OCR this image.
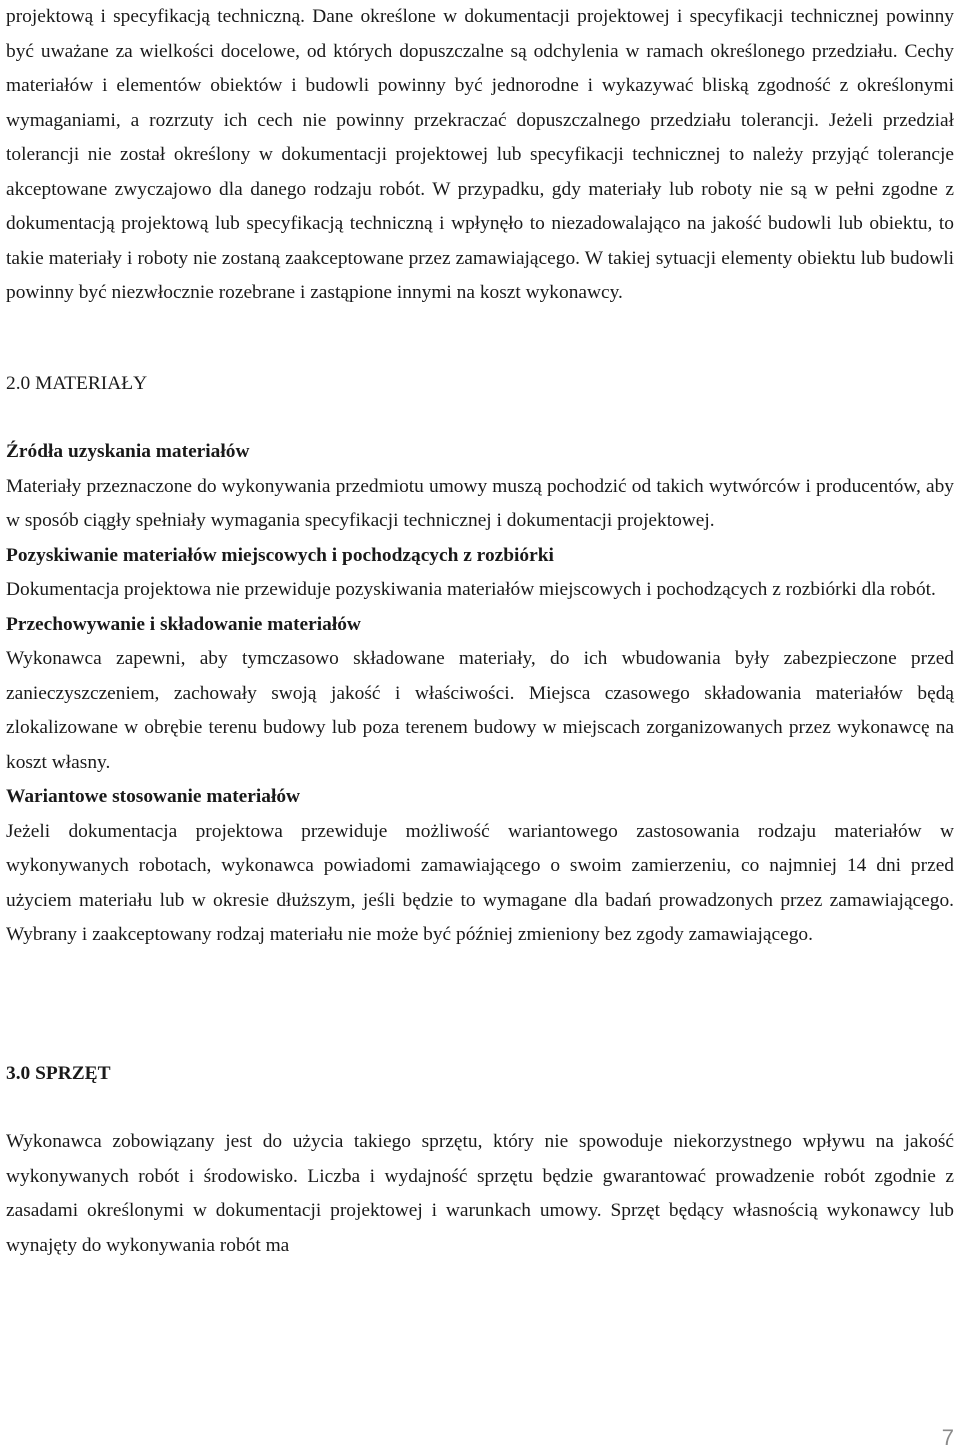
projektową i specyfikacją techniczną. Dane określone w dokumentacji projektowej i specyfikacji technicznej powinny być uważane za wielkości docelowe, od których dopuszczalne są odchylenia w ramach określonego przedziału. Cechy materiałów i elementów obiektów i budowli powinny być jednorodne i wykazywać bliską zgodność z określonymi wymaganiami, a rozrzuty ich cech nie powinny przekraczać dopuszczalnego przedziału tolerancji. Jeżeli przedział tolerancji nie został określony w dokumentacji projektowej lub specyfikacji technicznej to należy przyjąć tolerancje akceptowane zwyczajowo dla danego rodzaju robót. W przypadku, gdy materiały lub roboty nie są w pełni zgodne z dokumentacją projektową lub specyfikacją techniczną i wpłynęło to niezadowalająco na jakość budowli lub obiektu, to takie materiały i roboty nie zostaną zaakceptowane przez zamawiającego. W takiej sytuacji elementy obiektu lub budowli powinny być niezwłocznie rozebrane i zastąpione innymi na koszt wykonawcy.

2.0 MATERIAŁY

Źródła uzyskania materiałów

Materiały przeznaczone do wykonywania przedmiotu umowy muszą pochodzić od takich wytwórców i producentów, aby w sposób ciągły spełniały wymagania specyfikacji technicznej i dokumentacji projektowej.

Pozyskiwanie materiałów miejscowych i pochodzących z rozbiórki

Dokumentacja projektowa nie przewiduje pozyskiwania materiałów miejscowych i pochodzących z rozbiórki dla robót.

Przechowywanie i składowanie materiałów

Wykonawca zapewni, aby tymczasowo składowane materiały, do ich wbudowania były zabezpieczone przed zanieczyszczeniem, zachowały swoją jakość i właściwości. Miejsca czasowego składowania materiałów będą zlokalizowane w obrębie terenu budowy lub poza terenem budowy w miejscach zorganizowanych przez wykonawcę na koszt własny.

Wariantowe stosowanie materiałów

Jeżeli dokumentacja projektowa przewiduje możliwość wariantowego zastosowania rodzaju materiałów w wykonywanych robotach, wykonawca powiadomi zamawiającego o swoim zamierzeniu, co najmniej 14 dni przed użyciem materiału lub w okresie dłuższym, jeśli będzie to wymagane dla badań prowadzonych przez zamawiającego. Wybrany i zaakceptowany rodzaj materiału nie może być później zmieniony bez zgody zamawiającego.

3.0 SPRZĘT

Wykonawca zobowiązany jest do użycia takiego sprzętu, który nie spowoduje niekorzystnego wpływu na jakość wykonywanych robót i środowisko. Liczba i wydajność sprzętu będzie gwarantować prowadzenie robót zgodnie z zasadami określonymi w dokumentacji projektowej i warunkach umowy. Sprzęt będący własnością wykonawcy lub wynajęty do wykonywania robót ma

7
